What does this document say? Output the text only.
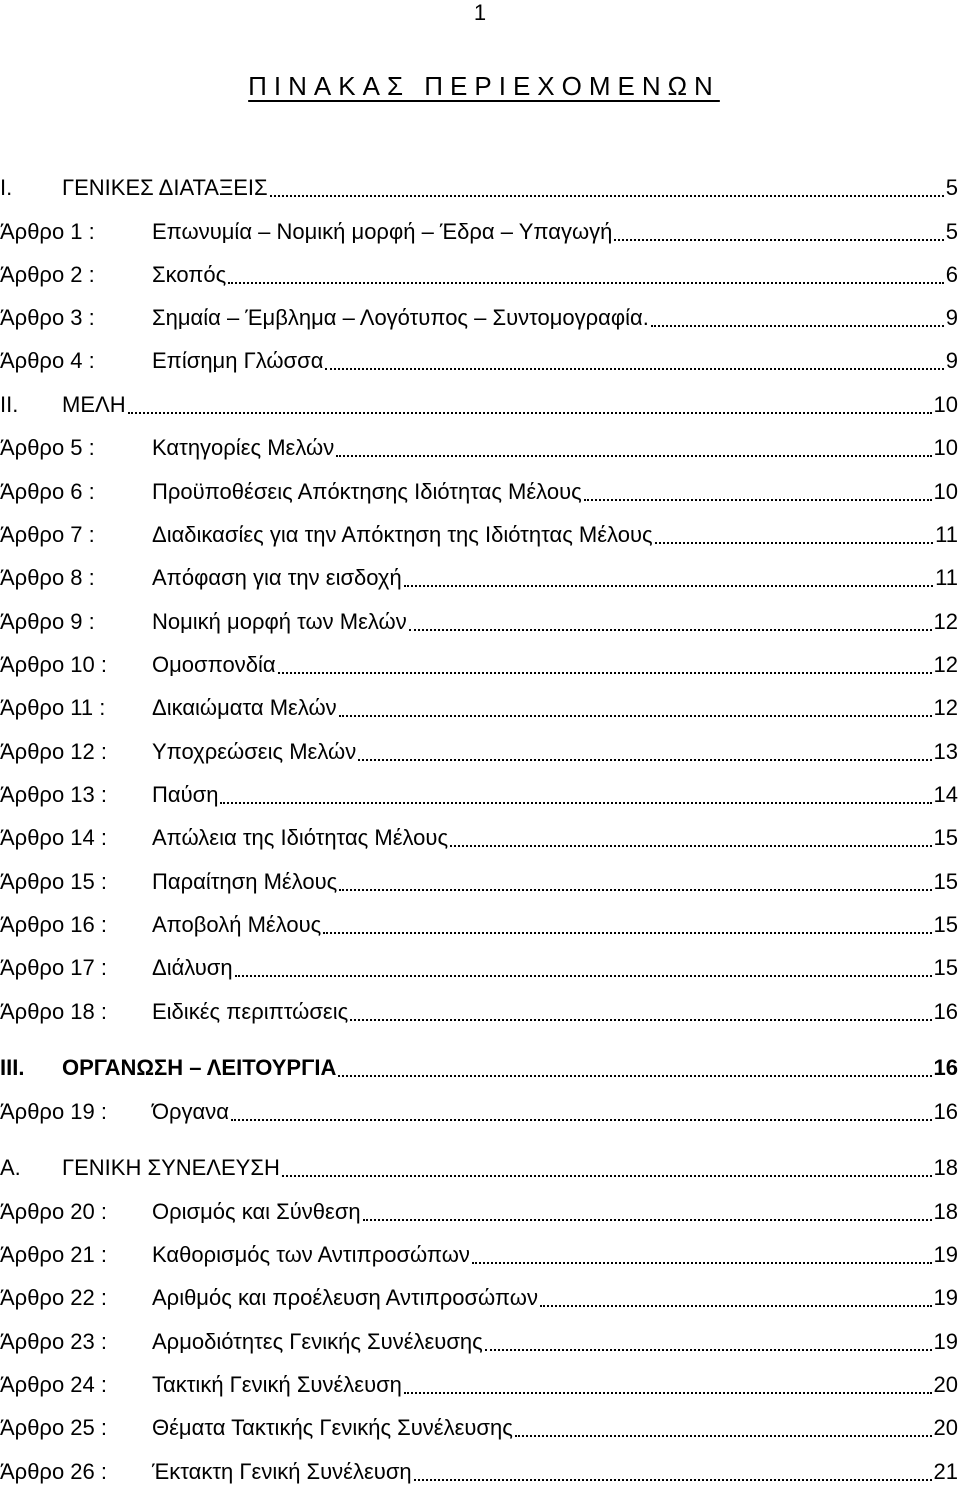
1
ΠΙΝΑΚΑΣ ΠΕΡΙΕΧΟΜΕΝΩΝ
Ι.	ΓΕΝΙΚΕΣ ΔΙΑΤΑΞΕΙΣ	5
Άρθρο 1 :	Επωνυμία – Νομική μορφή – Έδρα – Υπαγωγή	5
Άρθρο 2 :	Σκοπός	6
Άρθρο 3 :	Σημαία – Έμβλημα – Λογότυπος – Συντομογραφία.	9
Άρθρο 4 :	Επίσημη Γλώσσα	9
ΙΙ.	ΜΕΛΗ	10
Άρθρο 5 :	Κατηγορίες Μελών	10
Άρθρο 6 :	Προϋποθέσεις Απόκτησης Ιδιότητας Μέλους	10
Άρθρο 7 :	Διαδικασίες για την Απόκτηση της Ιδιότητας Μέλους	11
Άρθρο 8 :	Απόφαση για την εισδοχή	11
Άρθρο 9 :	Νομική μορφή των Μελών	12
Άρθρο 10 :	Ομοσπονδία	12
Άρθρο 11 :	Δικαιώματα Μελών	12
Άρθρο 12 :	Υποχρεώσεις Μελών	13
Άρθρο 13 :	Παύση	14
Άρθρο 14 :	Απώλεια της Ιδιότητας Μέλους	15
Άρθρο 15 :	Παραίτηση Μέλους	15
Άρθρο 16 :	Αποβολή Μέλους	15
Άρθρο 17 :	Διάλυση	15
Άρθρο 18 :	Ειδικές περιπτώσεις	16
ΙΙΙ.	ΟΡΓΑΝΩΣΗ – ΛΕΙΤΟΥΡΓΙΑ	16
Άρθρο 19 :	Όργανα	16
Α.	ΓΕΝΙΚΗ ΣΥΝΕΛΕΥΣΗ	18
Άρθρο 20 :	Ορισμός και Σύνθεση	18
Άρθρο 21 :	Καθορισμός των Αντιπροσώπων	19
Άρθρο 22 :	Αριθμός και προέλευση Αντιπροσώπων	19
Άρθρο 23 :	Αρμοδιότητες Γενικής Συνέλευσης	19
Άρθρο 24 :	Τακτική Γενική Συνέλευση	20
Άρθρο 25 :	Θέματα Τακτικής Γενικής Συνέλευσης	20
Άρθρο 26 :	Έκτακτη Γενική Συνέλευση	21
